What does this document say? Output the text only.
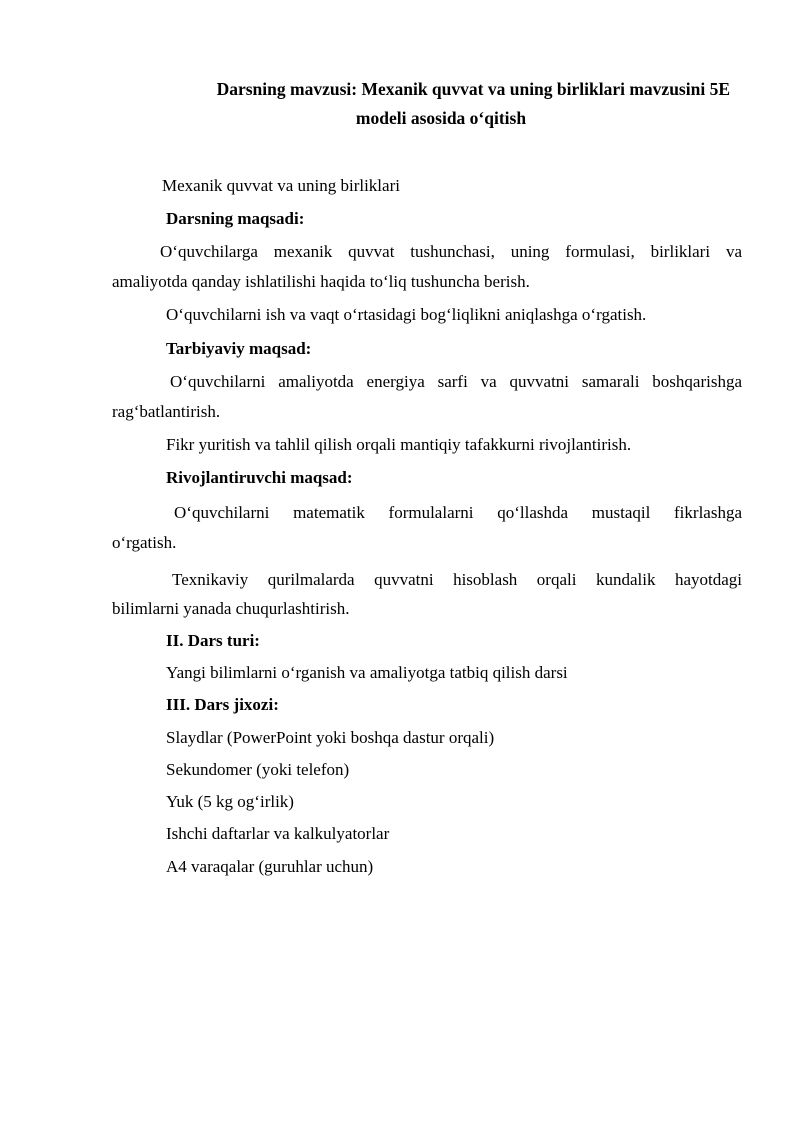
Darsning mavzusi: Mexanik quvvat va uning birliklari mavzusini 5E
modeli asosida o‘qitish
Mexanik quvvat va uning birliklari
Darsning maqsadi:
O‘quvchilarga mexanik quvvat tushunchasi, uning formulasi, birliklari va
amaliyotda qanday ishlatilishi haqida to‘liq tushuncha berish.
O‘quvchilarni ish va vaqt o‘rtasidagi bog‘liqlikni aniqlashga o‘rgatish.
Tarbiyaviy maqsad:
O‘quvchilarni amaliyotda energiya sarfi va quvvatni samarali boshqarishga
rag‘batlantirish.
Fikr yuritish va tahlil qilish orqali mantiqiy tafakkurni rivojlantirish.
Rivojlantiruvchi maqsad:
O‘quvchilarni matematik formulalarni qo‘llashda mustaqil fikrlashga
o‘rgatish.
Texnikaviy qurilmalarda quvvatni hisoblash orqali kundalik hayotdagi
bilimlarni yanada chuqurlashtirish.
II. Dars turi:
Yangi bilimlarni o‘rganish va amaliyotga tatbiq qilish darsi
III. Dars jixozi:
Slaydlar (PowerPoint yoki boshqa dastur orqali)
Sekundomer (yoki telefon)
Yuk (5 kg og‘irlik)
Ishchi daftarlar va kalkulyatorlar
A4 varaqalar (guruhlar uchun)
